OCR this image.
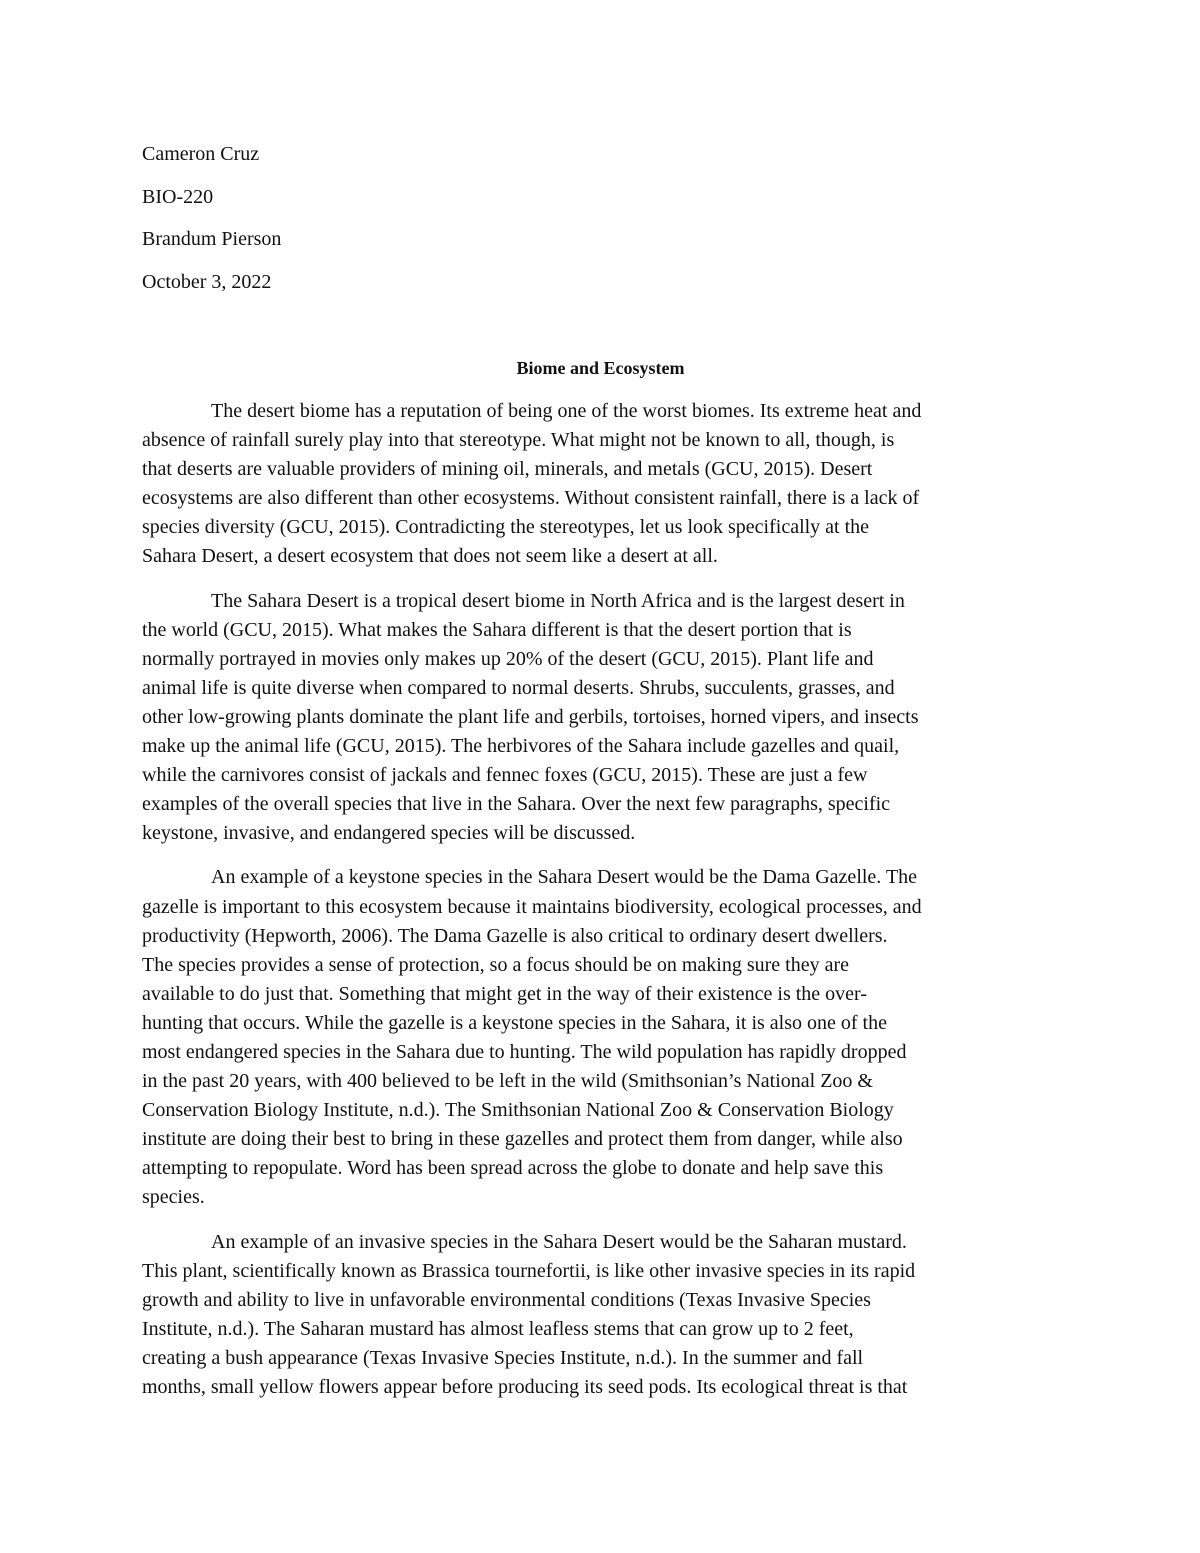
Cameron Cruz
BIO-220
Brandum Pierson
October 3, 2022
Biome and Ecosystem
The desert biome has a reputation of being one of the worst biomes. Its extreme heat and
absence of rainfall surely play into that stereotype. What might not be known to all, though, is
that deserts are valuable providers of mining oil, minerals, and metals (GCU, 2015). Desert
ecosystems are also different than other ecosystems. Without consistent rainfall, there is a lack of
species diversity (GCU, 2015). Contradicting the stereotypes, let us look specifically at the
Sahara Desert, a desert ecosystem that does not seem like a desert at all.
The Sahara Desert is a tropical desert biome in North Africa and is the largest desert in
the world (GCU, 2015). What makes the Sahara different is that the desert portion that is
normally portrayed in movies only makes up 20% of the desert (GCU, 2015). Plant life and
animal life is quite diverse when compared to normal deserts. Shrubs, succulents, grasses, and
other low-growing plants dominate the plant life and gerbils, tortoises, horned vipers, and insects
make up the animal life (GCU, 2015). The herbivores of the Sahara include gazelles and quail,
while the carnivores consist of jackals and fennec foxes (GCU, 2015). These are just a few
examples of the overall species that live in the Sahara. Over the next few paragraphs, specific
keystone, invasive, and endangered species will be discussed.
An example of a keystone species in the Sahara Desert would be the Dama Gazelle. The
gazelle is important to this ecosystem because it maintains biodiversity, ecological processes, and
productivity (Hepworth, 2006). The Dama Gazelle is also critical to ordinary desert dwellers.
The species provides a sense of protection, so a focus should be on making sure they are
available to do just that. Something that might get in the way of their existence is the over-
hunting that occurs. While the gazelle is a keystone species in the Sahara, it is also one of the
most endangered species in the Sahara due to hunting. The wild population has rapidly dropped
in the past 20 years, with 400 believed to be left in the wild (Smithsonian’s National Zoo &
Conservation Biology Institute, n.d.). The Smithsonian National Zoo & Conservation Biology
institute are doing their best to bring in these gazelles and protect them from danger, while also
attempting to repopulate. Word has been spread across the globe to donate and help save this
species.
An example of an invasive species in the Sahara Desert would be the Saharan mustard.
This plant, scientifically known as Brassica tournefortii, is like other invasive species in its rapid
growth and ability to live in unfavorable environmental conditions (Texas Invasive Species
Institute, n.d.). The Saharan mustard has almost leafless stems that can grow up to 2 feet,
creating a bush appearance (Texas Invasive Species Institute, n.d.). In the summer and fall
months, small yellow flowers appear before producing its seed pods. Its ecological threat is that
